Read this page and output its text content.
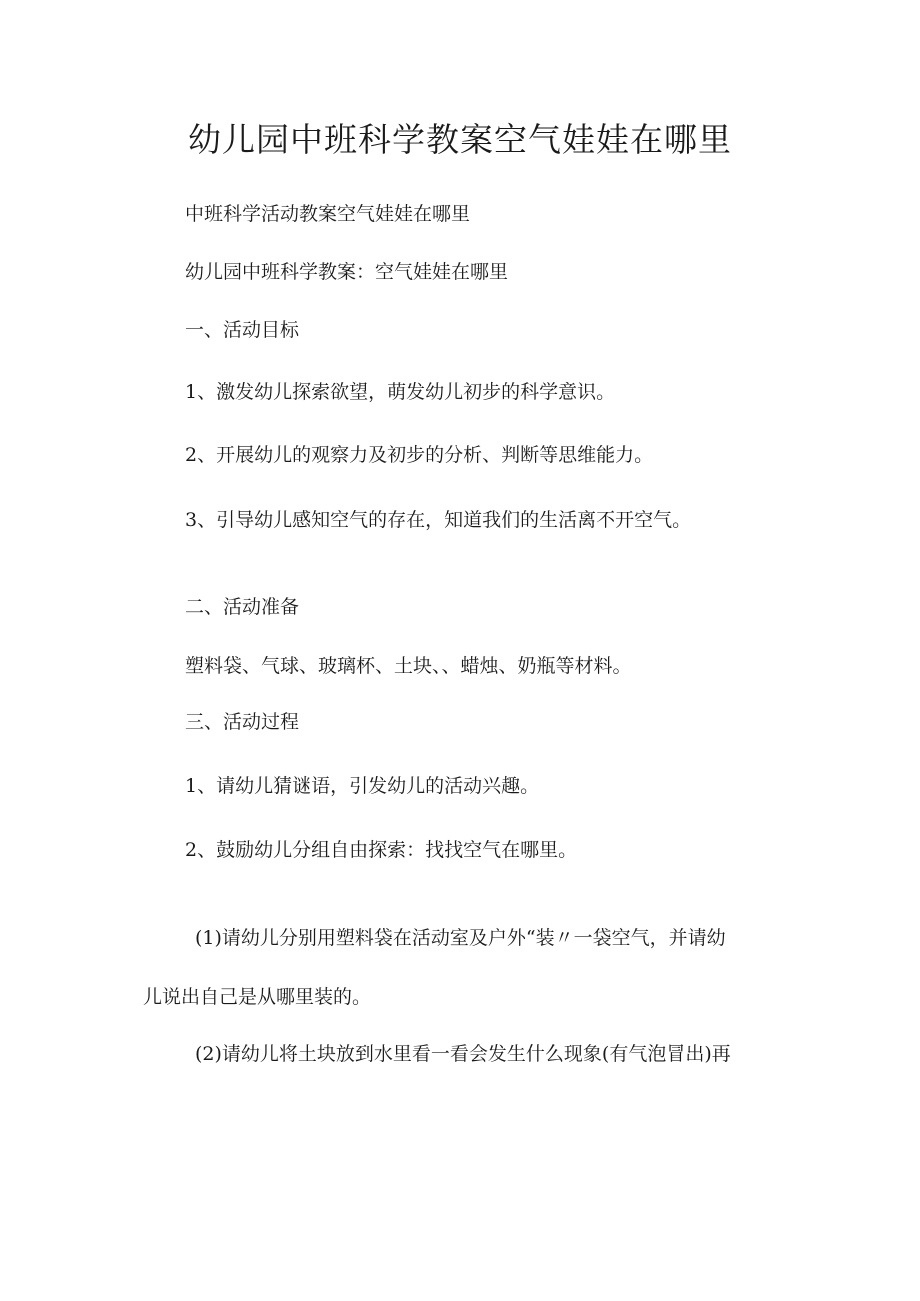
幼儿园中班科学教案空气娃娃在哪里
中班科学活动教案空气娃娃在哪里
幼儿园中班科学教案：空气娃娃在哪里
一、活动目标
1、激发幼儿探索欲望，萌发幼儿初步的科学意识。
2、开展幼儿的观察力及初步的分析、判断等思维能力。
3、引导幼儿感知空气的存在，知道我们的生活离不开空气。
二、活动准备
塑料袋、气球、玻璃杯、土块、、蜡烛、奶瓶等材料。
三、活动过程
1、请幼儿猜谜语，引发幼儿的活动兴趣。
2、鼓励幼儿分组自由探索：找找空气在哪里。
(1)请幼儿分别用塑料袋在活动室及户外“装〃一袋空气，并请幼
儿说出自己是从哪里装的。
(2)请幼儿将土块放到水里看一看会发生什么现象(有气泡冒出)再
